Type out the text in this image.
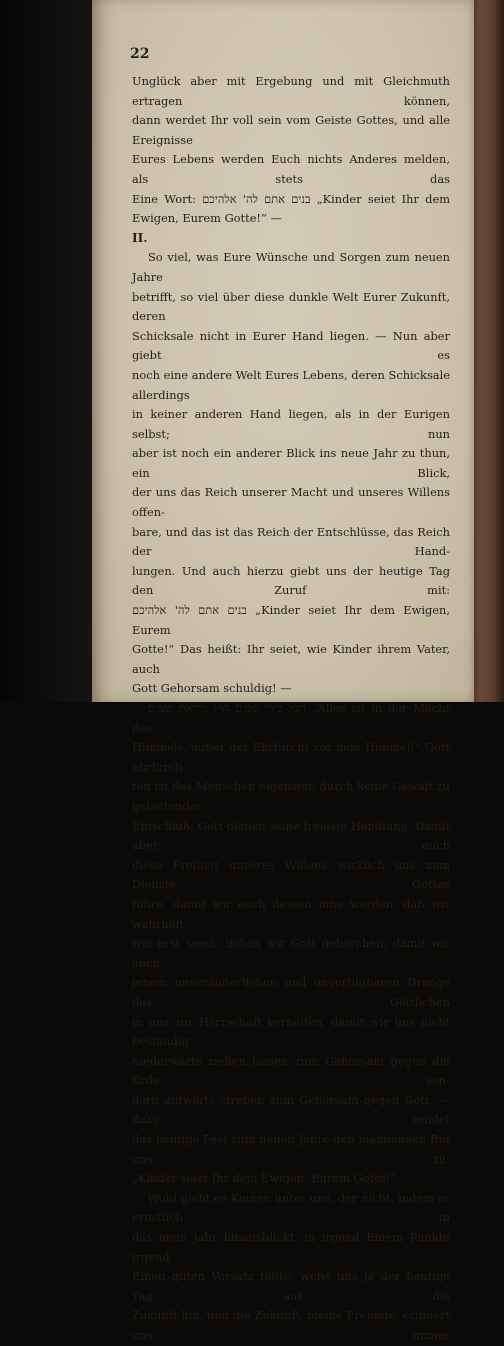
22

Unglück aber mit Ergebung und mit Gleichmuth ertragen können,

dann werdet Ihr voll sein vom Geiste Gottes, und alle Ereignisse

Eures Lebens werden Euch nichts Anderes melden, als stets das

Eine Wort: בנים אתם לה' אלהיכם „Kinder seiet Ihr dem

Ewigen, Eurem Gotte!“ —

II.

So viel, was Eure Wünsche und Sorgen zum neuen Jahre

betrifft, so viel über diese dunkle Welt Eurer Zukunft, deren

Schicksale nicht in Eurer Hand liegen. — Nun aber giebt es

noch eine andere Welt Eures Lebens, deren Schicksale allerdings

in keiner anderen Hand liegen, als in der Eurigen selbst; nun

aber ist noch ein anderer Blick ins neue Jahr zu thun, ein Blick,

der uns das Reich unserer Macht und unseres Willens offen-

bare, und das ist das Reich der Entschlüsse, das Reich der Hand-

lungen. Und auch hierzu giebt uns der heutige Tag den Zuruf mit:

בנים אתם לה' אלהיכם „Kinder seiet Ihr dem Ewigen, Eurem

Gotte!“ Das heißt: Ihr seiet, wie Kinder ihrem Vater, auch

Gott Gehorsam schuldig! —

הכל בידי שמים חוץ מיראת שמים „Alles ist in der Macht des

Himmels, außer der Ehrfurcht vor dem Himmel!“ Gott ehrfürch-

ten ist des Menschen eigenster, durch keine Gewalt zu gebietender

Entschluß; Gott dienen seine freieste Handlung. Damit aber auch

diese Freiheit unseres Willens wirklich uns zum Dienste Gottes

führe, damit wir auch dessen inne werden, daß wir wahrhaft

frei erst seien, indem wir Gott gehorchen, damit wir auch

jenem unveräußerlichen und unvertilgbaren Drange des Göttlichen

in uns zur Herrschaft verhelfen, damit wir uns nicht beständig

niederwärts ziehen lassen zum Gehorsam gegen die Erde, son-

dern aufwärts streben zum Gehorsam gegen Gott, — dazu sendet

das heutige Fest zum neuen Jahre den mahnenden Ruf uns zu:

„Kinder seiet Ihr dem Ewigen, Eurem Gotte!“

Wohl giebt es Keinen unter uns, der nicht, indem er ernstlich in

das neue Jahr hinausblickt, in irgend Einem Punkte irgend

Einen guten Vorsatz faßte; weist uns ja der heutige Tag auf die

Zukunft hin, und die Zukunft, meine Freunde, erinnert uns immer
